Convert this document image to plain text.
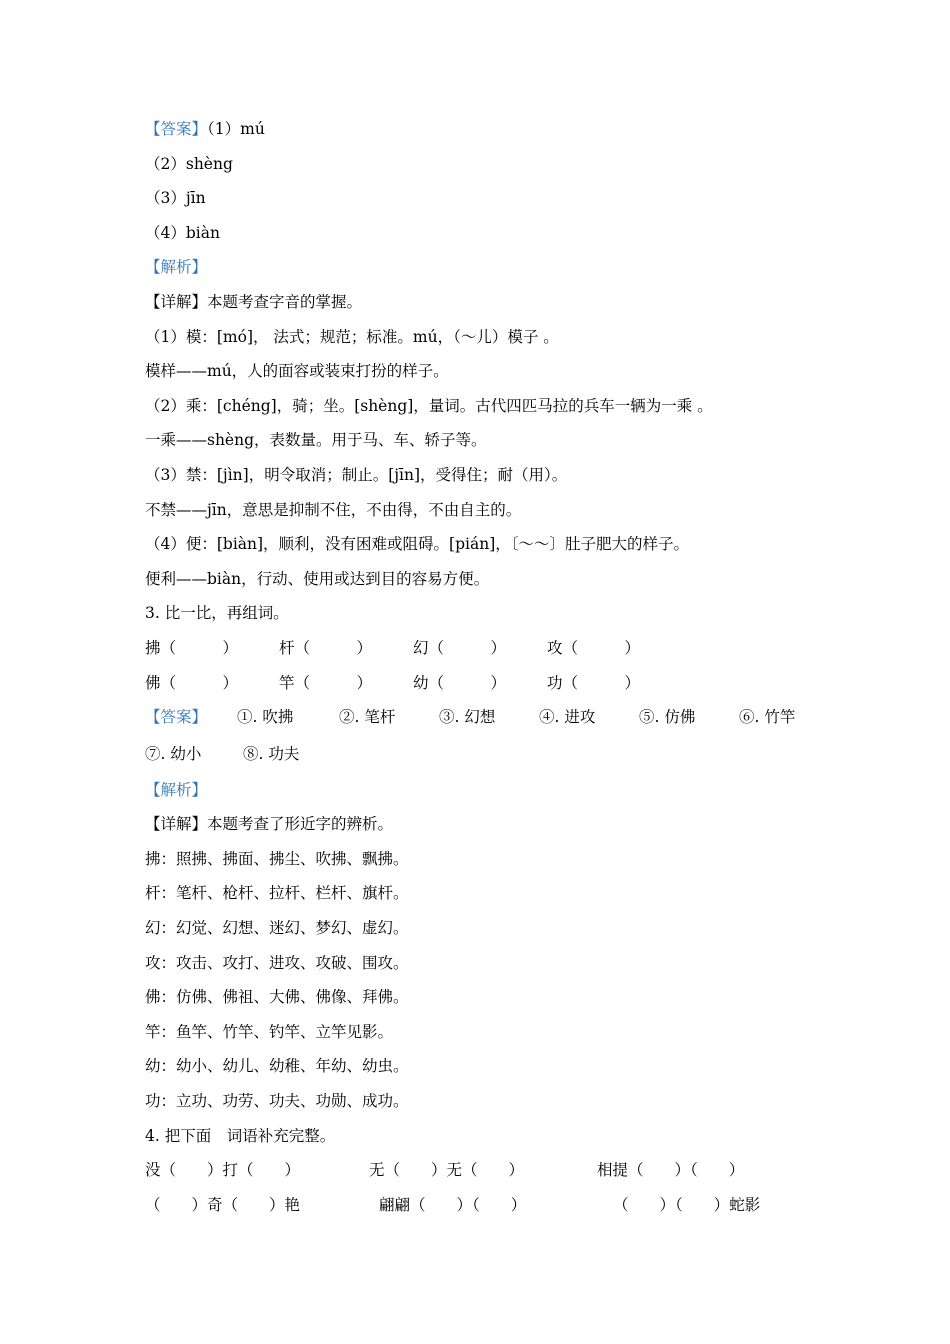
【答案】（1）mú
（2）shèng
（3）jīn
（4）biàn
【解析】
【详解】本题考查字音的掌握。
（1）模：[mó]， 法式；规范；标准。mú，（～儿）模子 。
模样——mú，人的面容或装束打扮的样子。
（2）乘：[chéng]，骑；坐。[shèng]，量词。古代四匹马拉的兵车一辆为一乘 。
一乘——shèng，表数量。用于马、车、轿子等。
（3）禁：[jìn]，明令取消；制止。[jīn]，受得住；耐（用）。
不禁——jīn，意思是抑制不住，不由得，不由自主的。
（4）便：[biàn]，顺利，没有困难或阻碍。[pián]，〔～～〕肚子肥大的样子。
便利——biàn，行动、使用或达到目的容易方便。
3. 比一比，再组词。
拂（　　　）	杆（　　　）	幻（　　　）	攻（　　　）
佛（　　　）	竿（　　　）	幼（　　　）	功（　　　）
【答案】	①. 吹拂	②. 笔杆	③. 幻想	④. 进攻	⑤. 仿佛	⑥. 竹竿
⑦. 幼小	⑧. 功夫
【解析】
【详解】本题考查了形近字的辨析。
拂：照拂、拂面、拂尘、吹拂、飘拂。
杆：笔杆、枪杆、拉杆、栏杆、旗杆。
幻：幻觉、幻想、迷幻、梦幻、虚幻。
攻：攻击、攻打、进攻、攻破、围攻。
佛：仿佛、佛祖、大佛、佛像、拜佛。
竿：鱼竿、竹竿、钓竿、立竿见影。
幼：幼小、幼儿、幼稚、年幼、幼虫。
功：立功、功劳、功夫、功勋、成功。
4. 把下面　词语补充完整。
没（　　）打（　　）	无（　　）无（　　）	相提（　　）（　　）
（　　）奇（　　）艳	翩翩（　　）（　　）	（　　）（　　）蛇影
